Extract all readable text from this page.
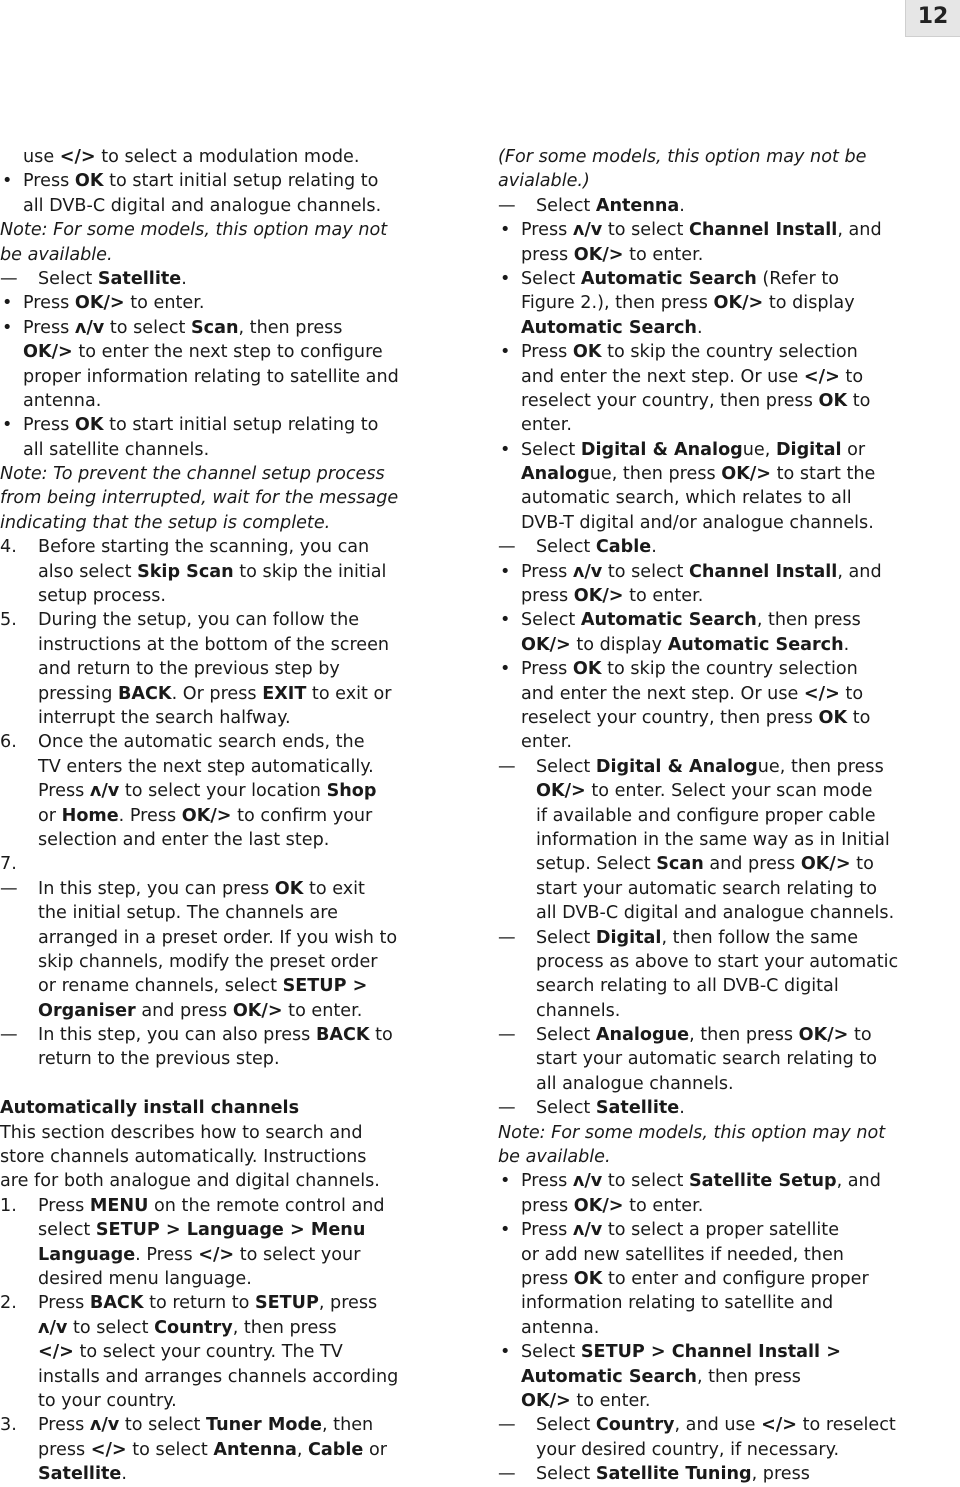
12
use </> to select a modulation mode.
• Press OK to start initial setup relating to
all DVB-C digital and analogue channels.
Note: For some models, this option may not
be available.
— Select Satellite.
• Press OK/> to enter.
• Press ʌ/v to select Scan, then press
OK/> to enter the next step to configure
proper information relating to satellite and
antenna.
• Press OK to start initial setup relating to
all satellite channels.
Note: To prevent the channel setup process
from being interrupted, wait for the message
indicating that the setup is complete.
4. Before starting the scanning, you can
also select Skip Scan to skip the initial
setup process.
5. During the setup, you can follow the
instructions at the bottom of the screen
and return to the previous step by
pressing BACK. Or press EXIT to exit or
interrupt the search halfway.
6. Once the automatic search ends, the
TV enters the next step automatically.
Press ʌ/v to select your location Shop
or Home. Press OK/> to confirm your
selection and enter the last step.
7.
— In this step, you can press OK to exit
the initial setup. The channels are
arranged in a preset order. If you wish to
skip channels, modify the preset order
or rename channels, select SETUP >
Organiser and press OK/> to enter.
— In this step, you can also press BACK to
return to the previous step.
Automatically install channels
This section describes how to search and
store channels automatically. Instructions
are for both analogue and digital channels.
1. Press MENU on the remote control and
select SETUP > Language > Menu
Language. Press </> to select your
desired menu language.
2. Press BACK to return to SETUP, press
ʌ/v to select Country, then press
</> to select your country. The TV
installs and arranges channels according
to your country.
3. Press ʌ/v to select Tuner Mode, then
press </> to select Antenna, Cable or
Satellite.
(For some models, this option may not be
avialable.)
— Select Antenna.
• Press ʌ/v to select Channel Install, and
press OK/> to enter.
• Select Automatic Search (Refer to
Figure 2.), then press OK/> to display
Automatic Search.
• Press OK to skip the country selection
and enter the next step. Or use </> to
reselect your country, then press OK to
enter.
• Select Digital & Analogue, Digital or
Analogue, then press OK/> to start the
automatic search, which relates to all
DVB-T digital and/or analogue channels.
— Select Cable.
• Press ʌ/v to select Channel Install, and
press OK/> to enter.
• Select Automatic Search, then press
OK/> to display Automatic Search.
• Press OK to skip the country selection
and enter the next step. Or use </> to
reselect your country, then press OK to
enter.
— Select Digital & Analogue, then press
OK/> to enter. Select your scan mode
if available and configure proper cable
information in the same way as in Initial
setup. Select Scan and press OK/> to
start your automatic search relating to
all DVB-C digital and analogue channels.
— Select Digital, then follow the same
process as above to start your automatic
search relating to all DVB-C digital
channels.
— Select Analogue, then press OK/> to
start your automatic search relating to
all analogue channels.
— Select Satellite.
Note: For some models, this option may not
be available.
• Press ʌ/v to select Satellite Setup, and
press OK/> to enter.
• Press ʌ/v to select a proper satellite
or add new satellites if needed, then
press OK to enter and configure proper
information relating to satellite and
antenna.
• Select SETUP > Channel Install >
Automatic Search, then press
OK/> to enter.
— Select Country, and use </> to reselect
your desired country, if necessary.
— Select Satellite Tuning, press
